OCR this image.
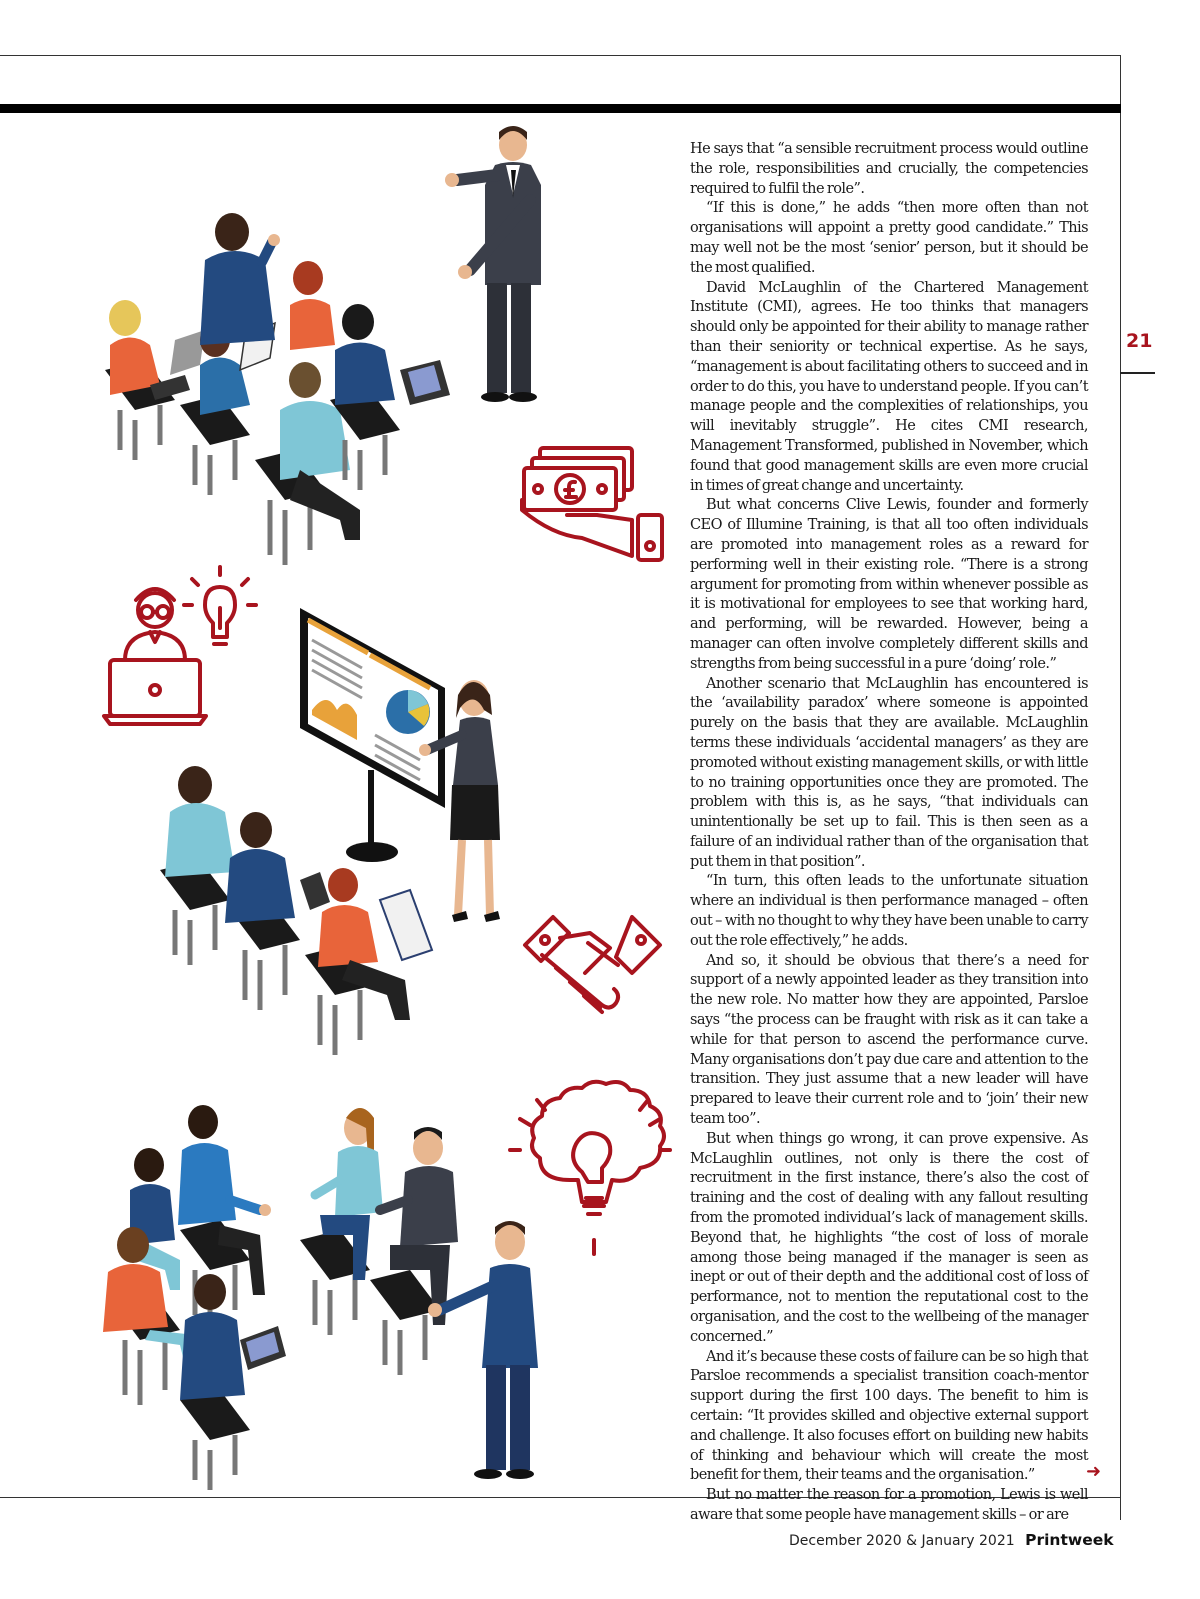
21

He says that “a sensible recruitment process would outline the role, responsibilities and crucially, the competencies required to fulfil the role”.

“If this is done,” he adds “then more often than not organisations will appoint a pretty good candidate.” This may well not be the most ‘senior’ person, but it should be the most qualified.

David McLaughlin of the Chartered Management Institute (CMI), agrees. He too thinks that managers should only be appointed for their ability to manage rather than their seniority or technical expertise. As he says, “management is about facilitating others to succeed and in order to do this, you have to understand people. If you can’t manage people and the complexities of relationships, you will inevitably struggle”. He cites CMI research, Management Transformed, published in November, which found that good management skills are even more crucial in times of great change and uncertainty.

But what concerns Clive Lewis, founder and formerly CEO of Illumine Training, is that all too often individuals are promoted into management roles as a reward for performing well in their existing role. “There is a strong argument for promoting from within whenever possible as it is motivational for employees to see that working hard, and performing, will be rewarded. However, being a manager can often involve completely different skills and strengths from being successful in a pure ‘doing’ role.”

Another scenario that McLaughlin has encountered is the ‘availability paradox’ where someone is appointed purely on the basis that they are available. McLaughlin terms these individuals ‘accidental managers’ as they are promoted without existing management skills, or with little to no training opportunities once they are promoted. The problem with this is, as he says, “that individuals can unintentionally be set up to fail. This is then seen as a failure of an individual rather than of the organisation that put them in that position”.

“In turn, this often leads to the unfortunate situation where an individual is then performance managed – often out – with no thought to why they have been unable to carry out the role effectively,” he adds.

And so, it should be obvious that there’s a need for support of a newly appointed leader as they transition into the new role. No matter how they are appointed, Parsloe says “the process can be fraught with risk as it can take a while for that person to ascend the performance curve. Many organisations don’t pay due care and attention to the transition. They just assume that a new leader will have prepared to leave their current role and to ‘join’ their new team too”.

But when things go wrong, it can prove expensive. As McLaughlin outlines, not only is there the cost of recruitment in the first instance, there’s also the cost of training and the cost of dealing with any fallout resulting from the promoted individual’s lack of management skills. Beyond that, he highlights “the cost of loss of morale among those being managed if the manager is seen as inept or out of their depth and the additional cost of loss of performance, not to mention the reputational cost to the organisation, and the cost to the wellbeing of the manager concerned.”

And it’s because these costs of failure can be so high that Parsloe recommends a specialist transition coach-mentor support during the first 100 days. The benefit to him is certain: “It provides skilled and objective external support and challenge. It also focuses effort on building new habits of thinking and behaviour which will create the most benefit for them, their teams and the organisation.”

But no matter the reason for a promotion, Lewis is well aware that some people have management skills – or are

➜
December 2020 & January 2021 Printweek
